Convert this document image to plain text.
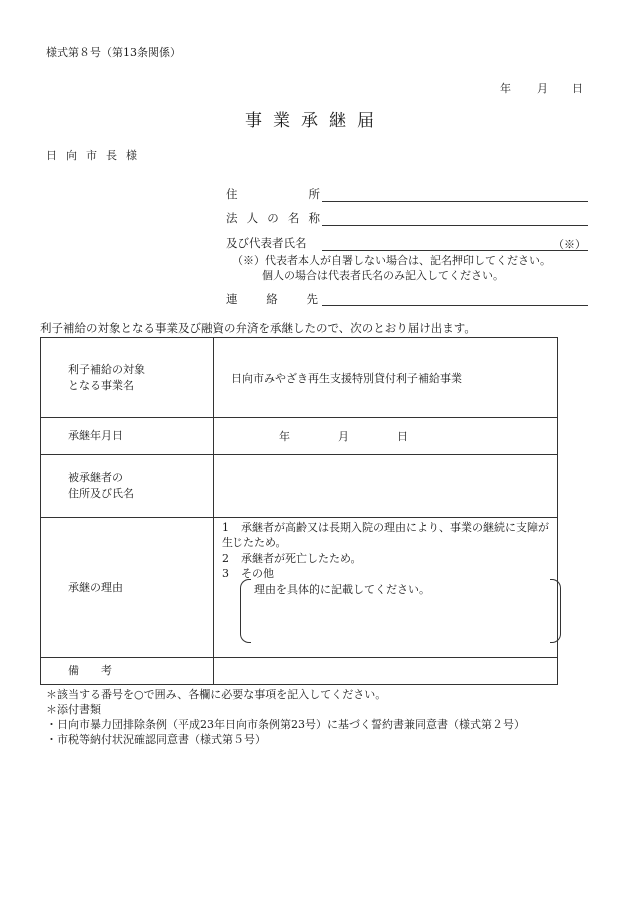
様式第８号（第13条関係）
年 月 日
事業承継届
日向市長様
住	所
法 人 の 名 称
及び代表者氏名	（※）
（※）代表者本人が自署しない場合は、記名押印してください。
個人の場合は代表者氏名のみ記入してください。
連	絡	先
利子補給の対象となる事業及び融資の弁済を承継したので、次のとおり届け出ます。
利子補給の対象
となる事業名	日向市みやざき再生支援特別貸付利子補給事業
承継年月日	年 月 日

被承継者の
住所及び氏名	

承継の理由	1 承継者が高齢又は長期入院の理由により、事業の継続に支障が生 じたため。
2 承継者が死亡したため。
3 その他
理由を具体的に記載してください。

備　　考	
＊該当する番号を○で囲み、各欄に必要な事項を記入してください。
＊添付書類
・日向市暴力団排除条例（平成23年日向市条例第23号）に基づく誓約書兼同意書（様式第２号）
・市税等納付状況確認同意書（様式第５号）
